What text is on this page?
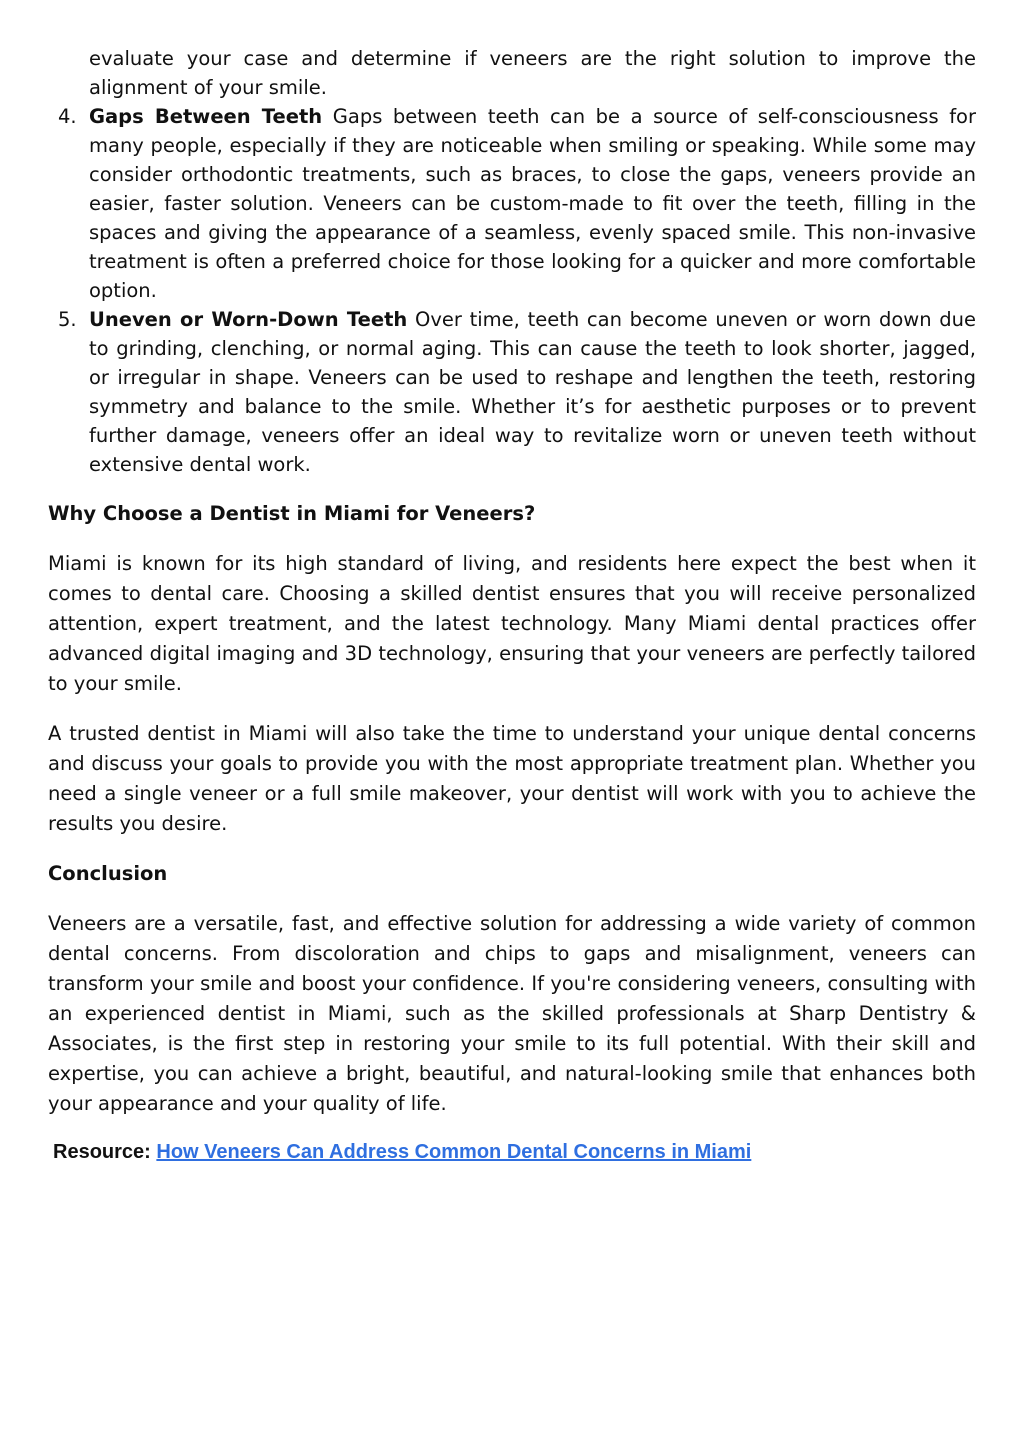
evaluate your case and determine if veneers are the right solution to improve the alignment of your smile.
4. Gaps Between Teeth Gaps between teeth can be a source of self-consciousness for many people, especially if they are noticeable when smiling or speaking. While some may consider orthodontic treatments, such as braces, to close the gaps, veneers provide an easier, faster solution. Veneers can be custom-made to fit over the teeth, filling in the spaces and giving the appearance of a seamless, evenly spaced smile. This non-invasive treatment is often a preferred choice for those looking for a quicker and more comfortable option.
5. Uneven or Worn-Down Teeth Over time, teeth can become uneven or worn down due to grinding, clenching, or normal aging. This can cause the teeth to look shorter, jagged, or irregular in shape. Veneers can be used to reshape and lengthen the teeth, restoring symmetry and balance to the smile. Whether it’s for aesthetic purposes or to prevent further damage, veneers offer an ideal way to revitalize worn or uneven teeth without extensive dental work.
Why Choose a Dentist in Miami for Veneers?

Miami is known for its high standard of living, and residents here expect the best when it comes to dental care. Choosing a skilled dentist ensures that you will receive personalized attention, expert treatment, and the latest technology. Many Miami dental practices offer advanced digital imaging and 3D technology, ensuring that your veneers are perfectly tailored to your smile.

A trusted dentist in Miami will also take the time to understand your unique dental concerns and discuss your goals to provide you with the most appropriate treatment plan. Whether you need a single veneer or a full smile makeover, your dentist will work with you to achieve the results you desire.

Conclusion

Veneers are a versatile, fast, and effective solution for addressing a wide variety of common dental concerns. From discoloration and chips to gaps and misalignment, veneers can transform your smile and boost your confidence. If you're considering veneers, consulting with an experienced dentist in Miami, such as the skilled professionals at Sharp Dentistry & Associates, is the first step in restoring your smile to its full potential. With their skill and expertise, you can achieve a bright, beautiful, and natural-looking smile that enhances both your appearance and your quality of life.

Resource: How Veneers Can Address Common Dental Concerns in Miami
